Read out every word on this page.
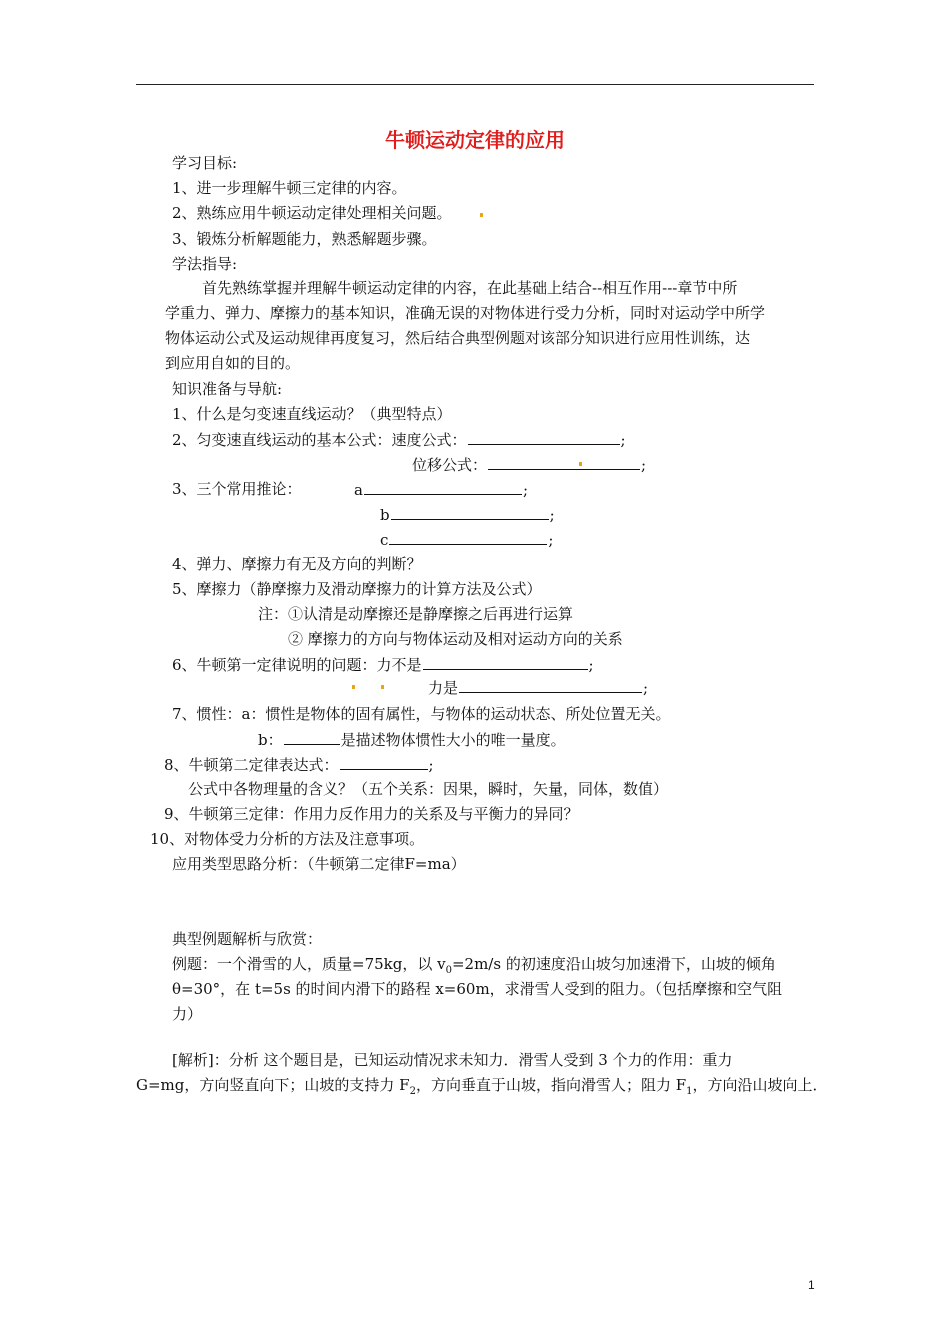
牛顿运动定律的应用
学习目标:
1、进一步理解牛顿三定律的内容。
2、熟练应用牛顿运动定律处理相关问题。
3、锻炼分析解题能力，熟悉解题步骤。
学法指导:
首先熟练掌握并理解牛顿运动定律的内容，在此基础上结合--相互作用---章节中所
学重力、弹力、摩擦力的基本知识，准确无误的对物体进行受力分析，同时对运动学中所学
物体运动公式及运动规律再度复习，然后结合典型例题对该部分知识进行应用性训练，达
到应用自如的目的。
知识准备与导航:
1、什么是匀变速直线运动？（典型特点）
2、匀变速直线运动的基本公式：速度公式：	;
位移公式：	;
3、三个常用推论：	a	;
b	;
c	;
4、弹力、摩擦力有无及方向的判断？
5、摩擦力（静摩擦力及滑动摩擦力的计算方法及公式）
注：①认清是动摩擦还是静摩擦之后再进行运算
② 摩擦力的方向与物体运动及相对运动方向的关系
6、牛顿第一定律说明的问题：力不是	;
力是	;
7、惯性：a：惯性是物体的固有属性，与物体的运动状态、所处位置无关。
b：	是描述物体惯性大小的唯一量度。
8、牛顿第二定律表达式：	;
公式中各物理量的含义？（五个关系：因果，瞬时，矢量，同体，数值）
9、牛顿第三定律：作用力反作用力的关系及与平衡力的异同？
10、对物体受力分析的方法及注意事项。
应用类型思路分析：（牛顿第二定律F=ma）
典型例题解析与欣赏：
例题：一个滑雪的人，质量=75kg，以 $v_0=2m/s$ 的初速度沿山坡匀加速滑下，山坡的倾角
θ=30°，在 t=5s 的时间内滑下的路程 x=60m，求滑雪人受到的阻力。（包括摩擦和空气阻
力）
[解析]：分析 这个题目是，已知运动情况求未知力．滑雪人受到 3 个力的作用：重力
G=mg，方向竖直向下；山坡的支持力 $F_2$，方向垂直于山坡，指向滑雪人；阻力 $F_1$，方向沿山坡向上．
1
